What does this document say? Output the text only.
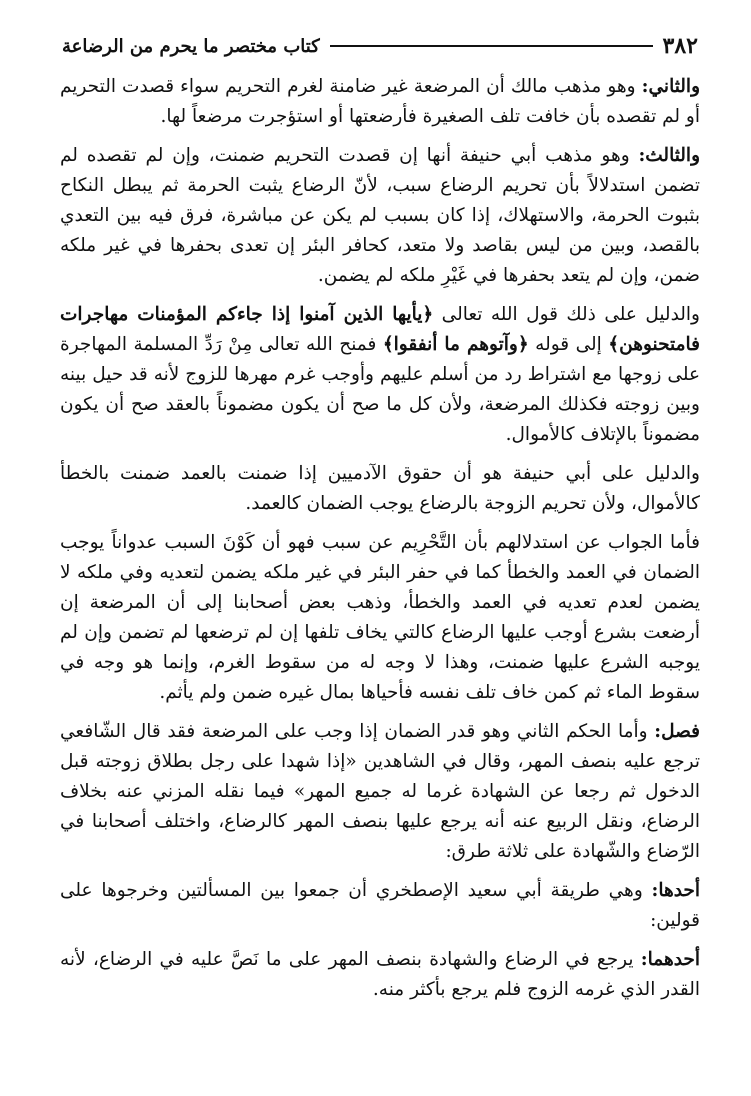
٣٨٢
كتاب مختصر ما يحرم من الرضاعة

والثاني: وهو مذهب مالك أن المرضعة غير ضامنة لغرم التحريم سواء قصدت التحريم أو لم تقصده بأن خافت تلف الصغيرة فأرضعتها أو استؤجرت مرضعاً لها.

والثالث: وهو مذهب أبي حنيفة أنها إن قصدت التحريم ضمنت، وإن لم تقصده لم تضمن استدلالاً بأن تحريم الرضاع سبب، لأنّ الرضاع يثبت الحرمة ثم يبطل النكاح بثبوت الحرمة، والاستهلاك، إذا كان بسبب لم يكن عن مباشرة، فرق فيه بين التعدي بالقصد، وبين من ليس بقاصد ولا متعد، كحافر البئر إن تعدى بحفرها في غير ملكه ضمن، وإن لم يتعد بحفرها في غَيْرِ ملكه لم يضمن.

والدليل على ذلك قول الله تعالى ﴿يأيها الذين آمنوا إذا جاءكم المؤمنات مهاجرات فامتحنوهن﴾ إلى قوله ﴿وآتوهم ما أنفقوا﴾ فمنح الله تعالى مِنْ رَدِّ المسلمة المهاجرة على زوجها مع اشتراط رد من أسلم عليهم وأوجب غرم مهرها للزوج لأنه قد حيل بينه وبين زوجته فكذلك المرضعة، ولأن كل ما صح أن يكون مضموناً بالعقد صح أن يكون مضموناً بالإتلاف كالأموال.

والدليل على أبي حنيفة هو أن حقوق الآدميين إذا ضمنت بالعمد ضمنت بالخطأ كالأموال، ولأن تحريم الزوجة بالرضاع يوجب الضمان كالعمد.

فأما الجواب عن استدلالهم بأن التَّحْرِيم عن سبب فهو أن كَوْنَ السبب عدواناً يوجب الضمان في العمد والخطأ كما في حفر البئر في غير ملكه يضمن لتعديه وفي ملكه لا يضمن لعدم تعديه في العمد والخطأ، وذهب بعض أصحابنا إلى أن المرضعة إن أرضعت بشرع أوجب عليها الرضاع كالتي يخاف تلفها إن لم ترضعها لم تضمن وإن لم يوجبه الشرع عليها ضمنت، وهذا لا وجه له من سقوط الغرم، وإنما هو وجه في سقوط الماء ثم كمن خاف تلف نفسه فأحياها بمال غيره ضمن ولم يأثم.

فصل: وأما الحكم الثاني وهو قدر الضمان إذا وجب على المرضعة فقد قال الشّافعي ترجع عليه بنصف المهر، وقال في الشاهدين «إذا شهدا على رجل بطلاق زوجته قبل الدخول ثم رجعا عن الشهادة غرما له جميع المهر» فيما نقله المزني عنه بخلاف الرضاع، ونقل الربيع عنه أنه يرجع عليها بنصف المهر كالرضاع، واختلف أصحابنا في الرّضاع والشّهادة على ثلاثة طرق:

أحدها: وهي طريقة أبي سعيد الإصطخري أن جمعوا بين المسألتين وخرجوها على قولين:

أحدهما: يرجع في الرضاع والشهادة بنصف المهر على ما نَصَّ عليه في الرضاع، لأنه القدر الذي غرمه الزوج فلم يرجع بأكثر منه.
